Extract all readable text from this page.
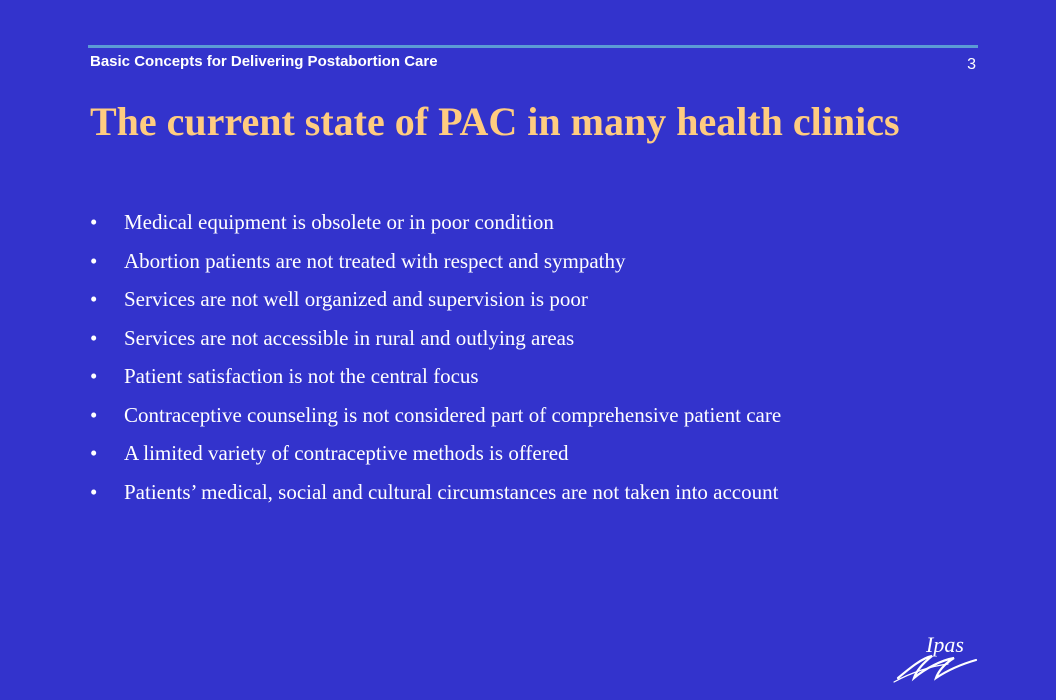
Basic Concepts for Delivering Postabortion Care	3
The current state of PAC in many health clinics
• Medical equipment is obsolete or in poor condition
• Abortion patients are not treated with respect and sympathy
• Services are not well organized and supervision is poor
• Services are not accessible in rural and outlying areas
• Patient satisfaction is not the central focus
• Contraceptive counseling is not considered part of comprehensive patient care
• A limited variety of contraceptive methods is offered
• Patients’ medical, social and cultural circumstances are not taken into account
Ipas
